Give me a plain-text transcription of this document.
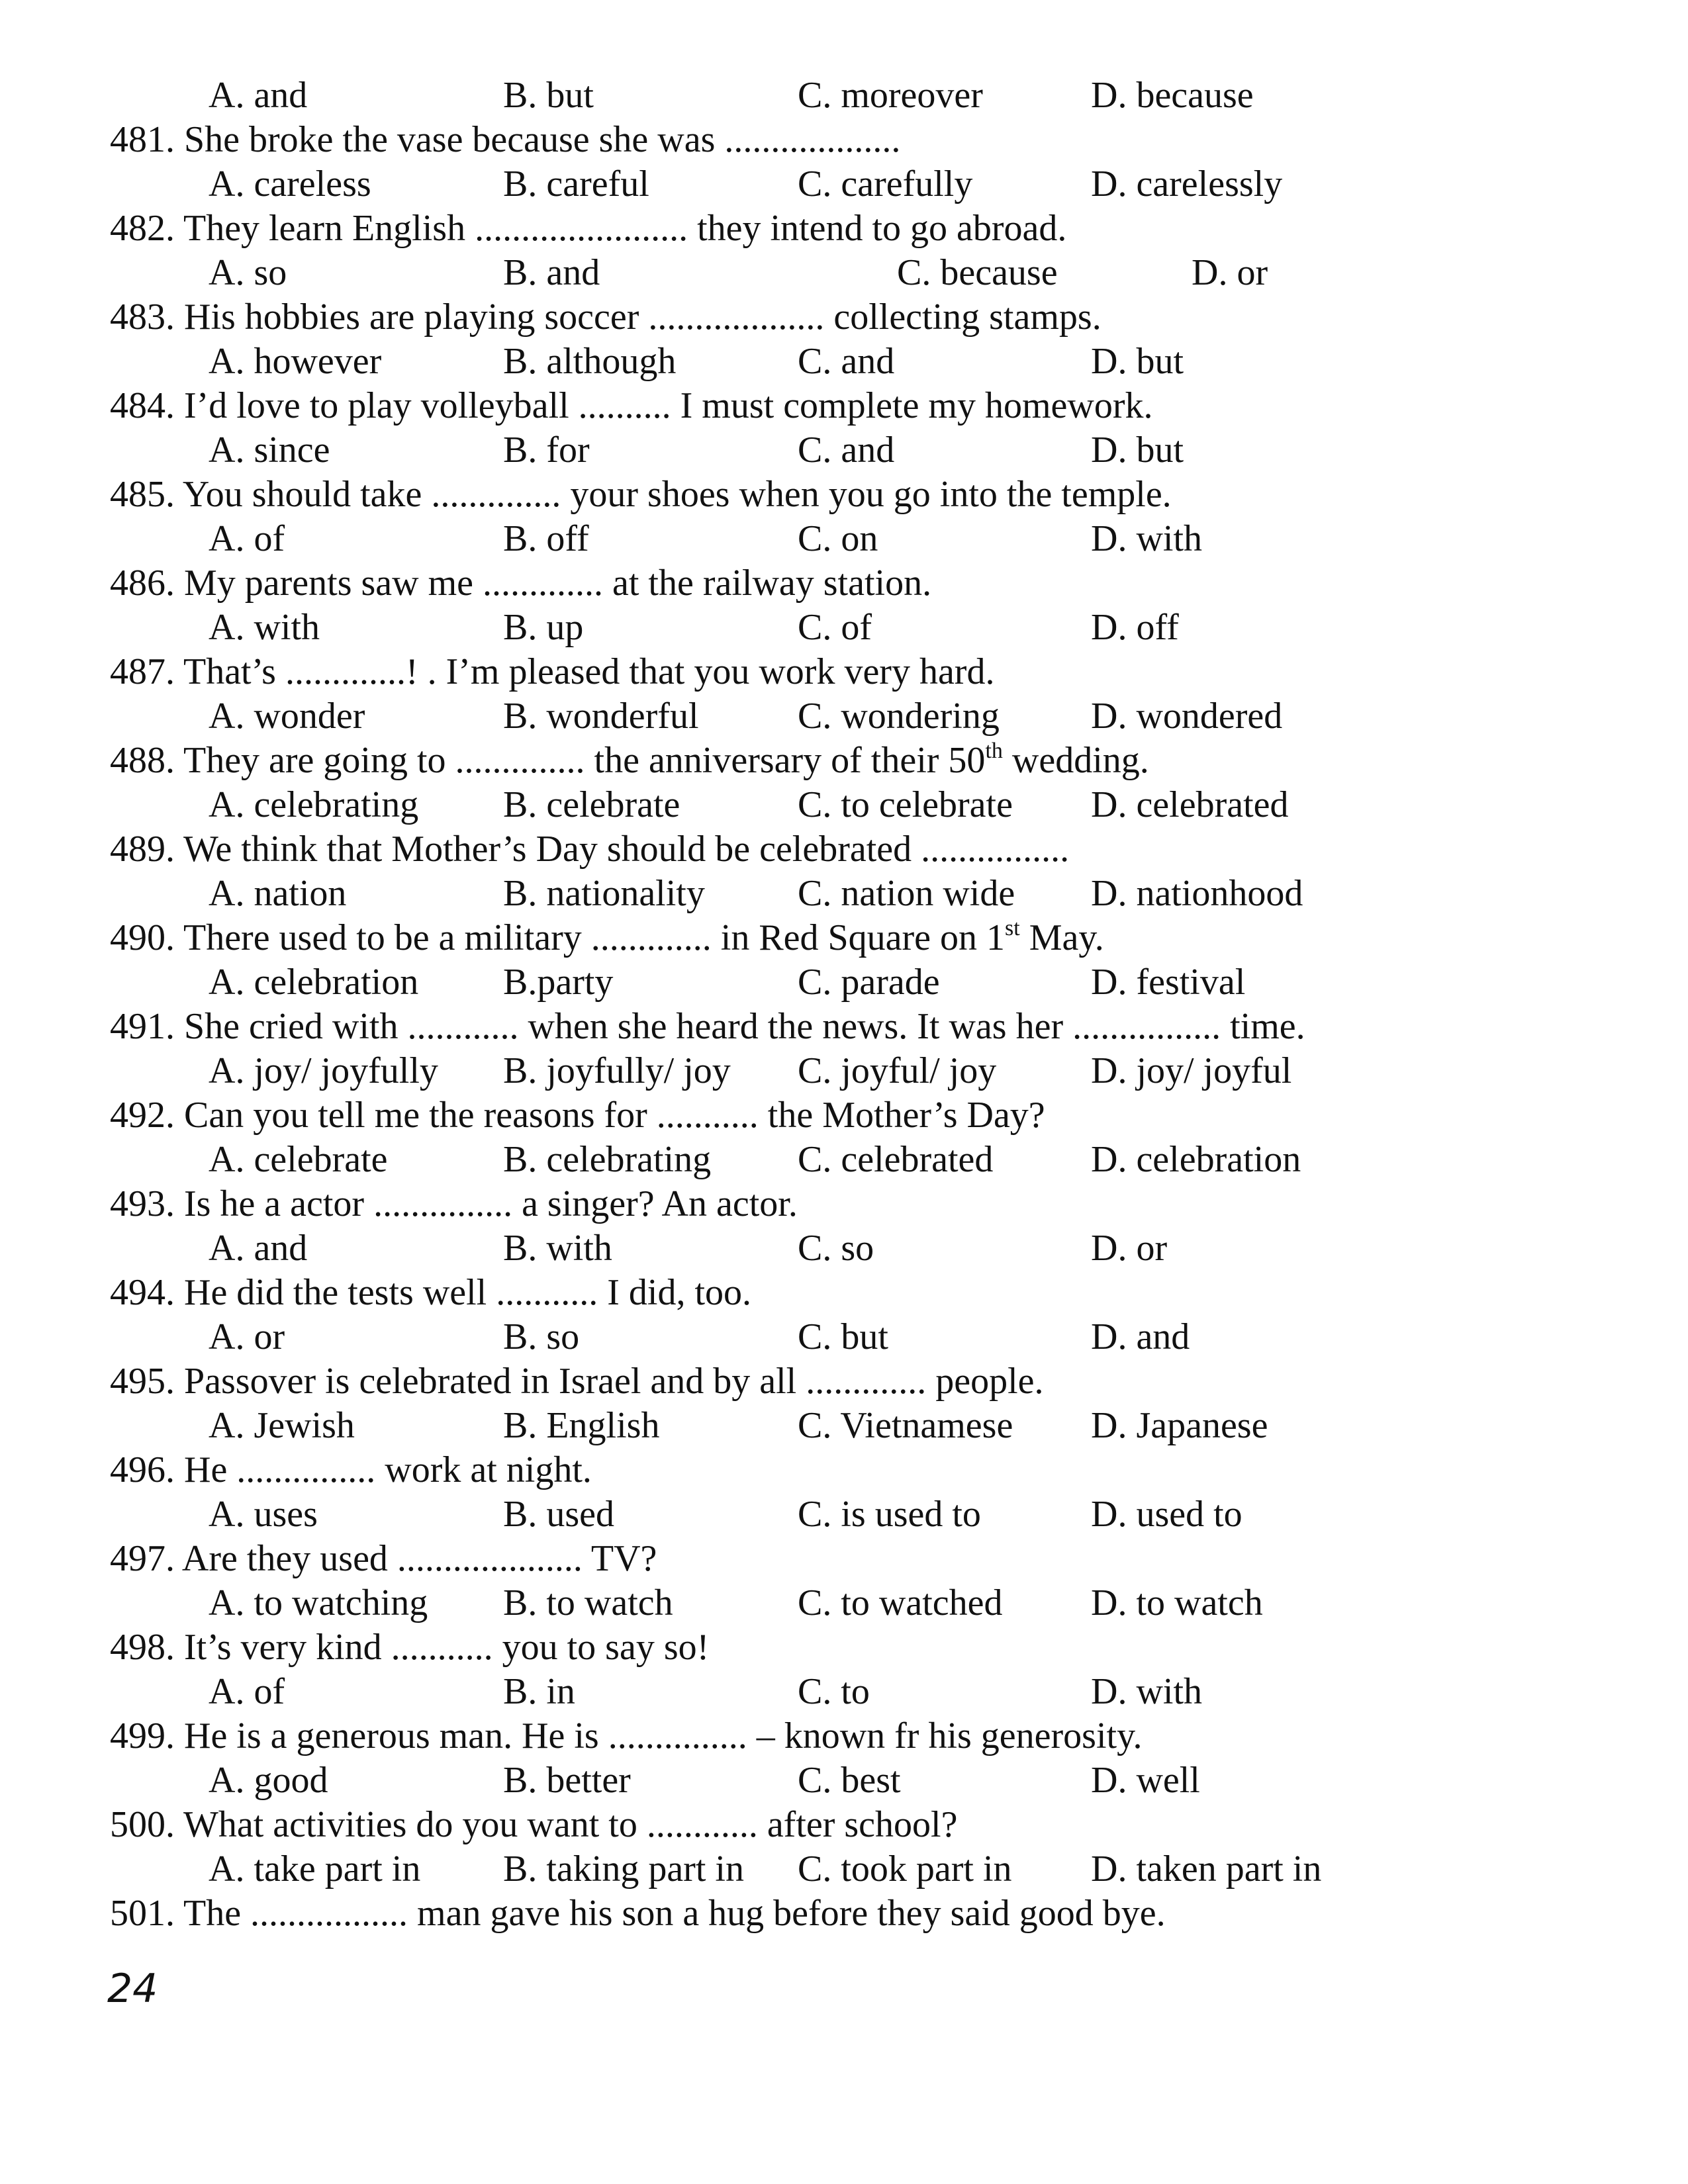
A. and	B. but	C. moreover	D. because
481. She broke the vase because she was ...................
A. careless	B. careful	C. carefully	D. carelessly
482. They learn English ....................... they intend to go abroad.
A. so	B. and	C. because	D. or
483. His hobbies are playing soccer ................... collecting stamps.
A. however	B. although	C. and	D. but
484. I’d love to play volleyball .......... I must complete my homework.
A. since	B. for	C. and	D. but
485. You should take .............. your shoes when you go into the temple.
A. of	B. off	C. on	D. with
486. My parents saw me ............. at the railway station.
A. with	B. up	C. of	D. off
487. That’s .............! . I’m pleased that you work very hard.
A. wonder	B. wonderful	C. wondering D. wondered
488. They are going to .............. the anniversary of their 50th wedding.
A. celebrating B. celebrate	C. to celebrate D. celebrated
489. We think that Mother’s Day should be celebrated ................
A. nation	B. nationality	C. nation wide D. nationhood
490. There used to be a military ............. in Red Square on 1st May.
A. celebration B.party	C. parade	D. festival
491. She cried with ............ when she heard the news. It was her ................ time.
A. joy/ joyfully B. joyfully/ joy C. joyful/ joy	D. joy/ joyful
492. Can you tell me the reasons for ........... the Mother’s Day?
A. celebrate	B. celebrating C. celebrated	D. celebration
493. Is he a actor ............... a singer? An actor.
A. and	B. with	C. so	D. or
494. He did the tests well ........... I did, too.
A. or	B. so	C. but	D. and
495. Passover is celebrated in Israel and by all ............. people.
A. Jewish	B. English	C. Vietnamese D. Japanese
496. He ............... work at night.
A. uses	B. used	C. is used to	D. used to
497. Are they used .................... TV?
A. to watching B. to watch	C. to watched D. to watch
498. It’s very kind ........... you to say so!
A. of	B. in	C. to	D. with
499. He is a generous man. He is ............... – known fr his generosity.
A. good	B. better	C. best	D. well
500. What activities do you want to ............ after school?
A. take part in B. taking part in C. took part in D. taken part in
501. The ................. man gave his son a hug before they said good bye.
24
